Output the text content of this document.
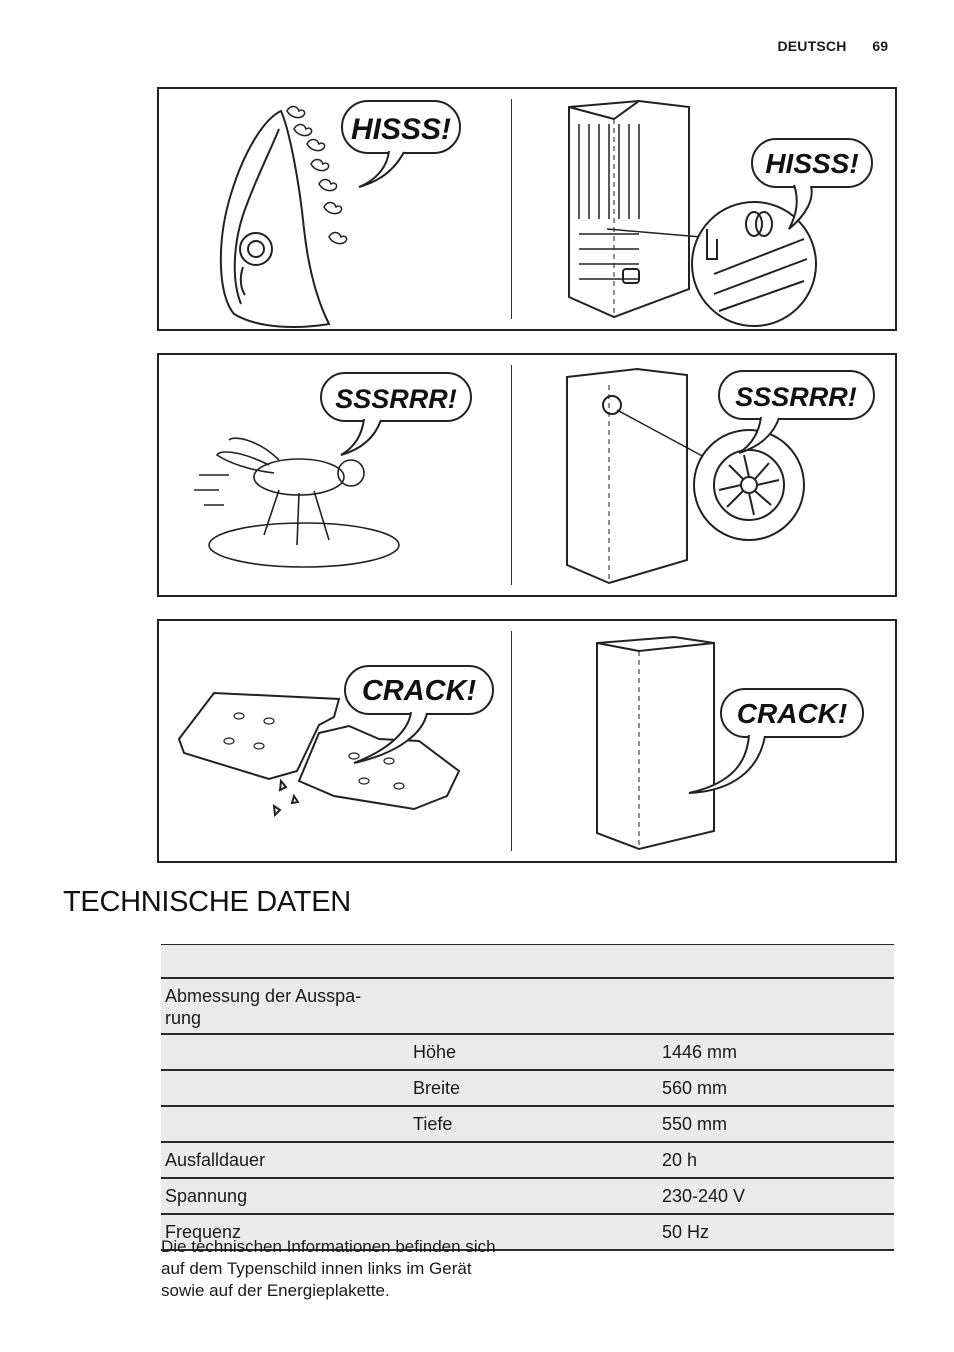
DEUTSCH 69
HISSS!
HISSS!
SSSRRR!	SSSRRR!
CRACK!
CRACK!
TECHNISCHE DATEN

Abmessung der Ausspa-
rung		
	Höhe	1446 mm
	Breite	560 mm
	Tiefe	550 mm
Ausfalldauer		20 h
Spannung		230-240 V
Frequenz		50 Hz
Die technischen Informationen befinden sich auf dem Typenschild innen links im Gerät sowie auf der Energieplakette.
